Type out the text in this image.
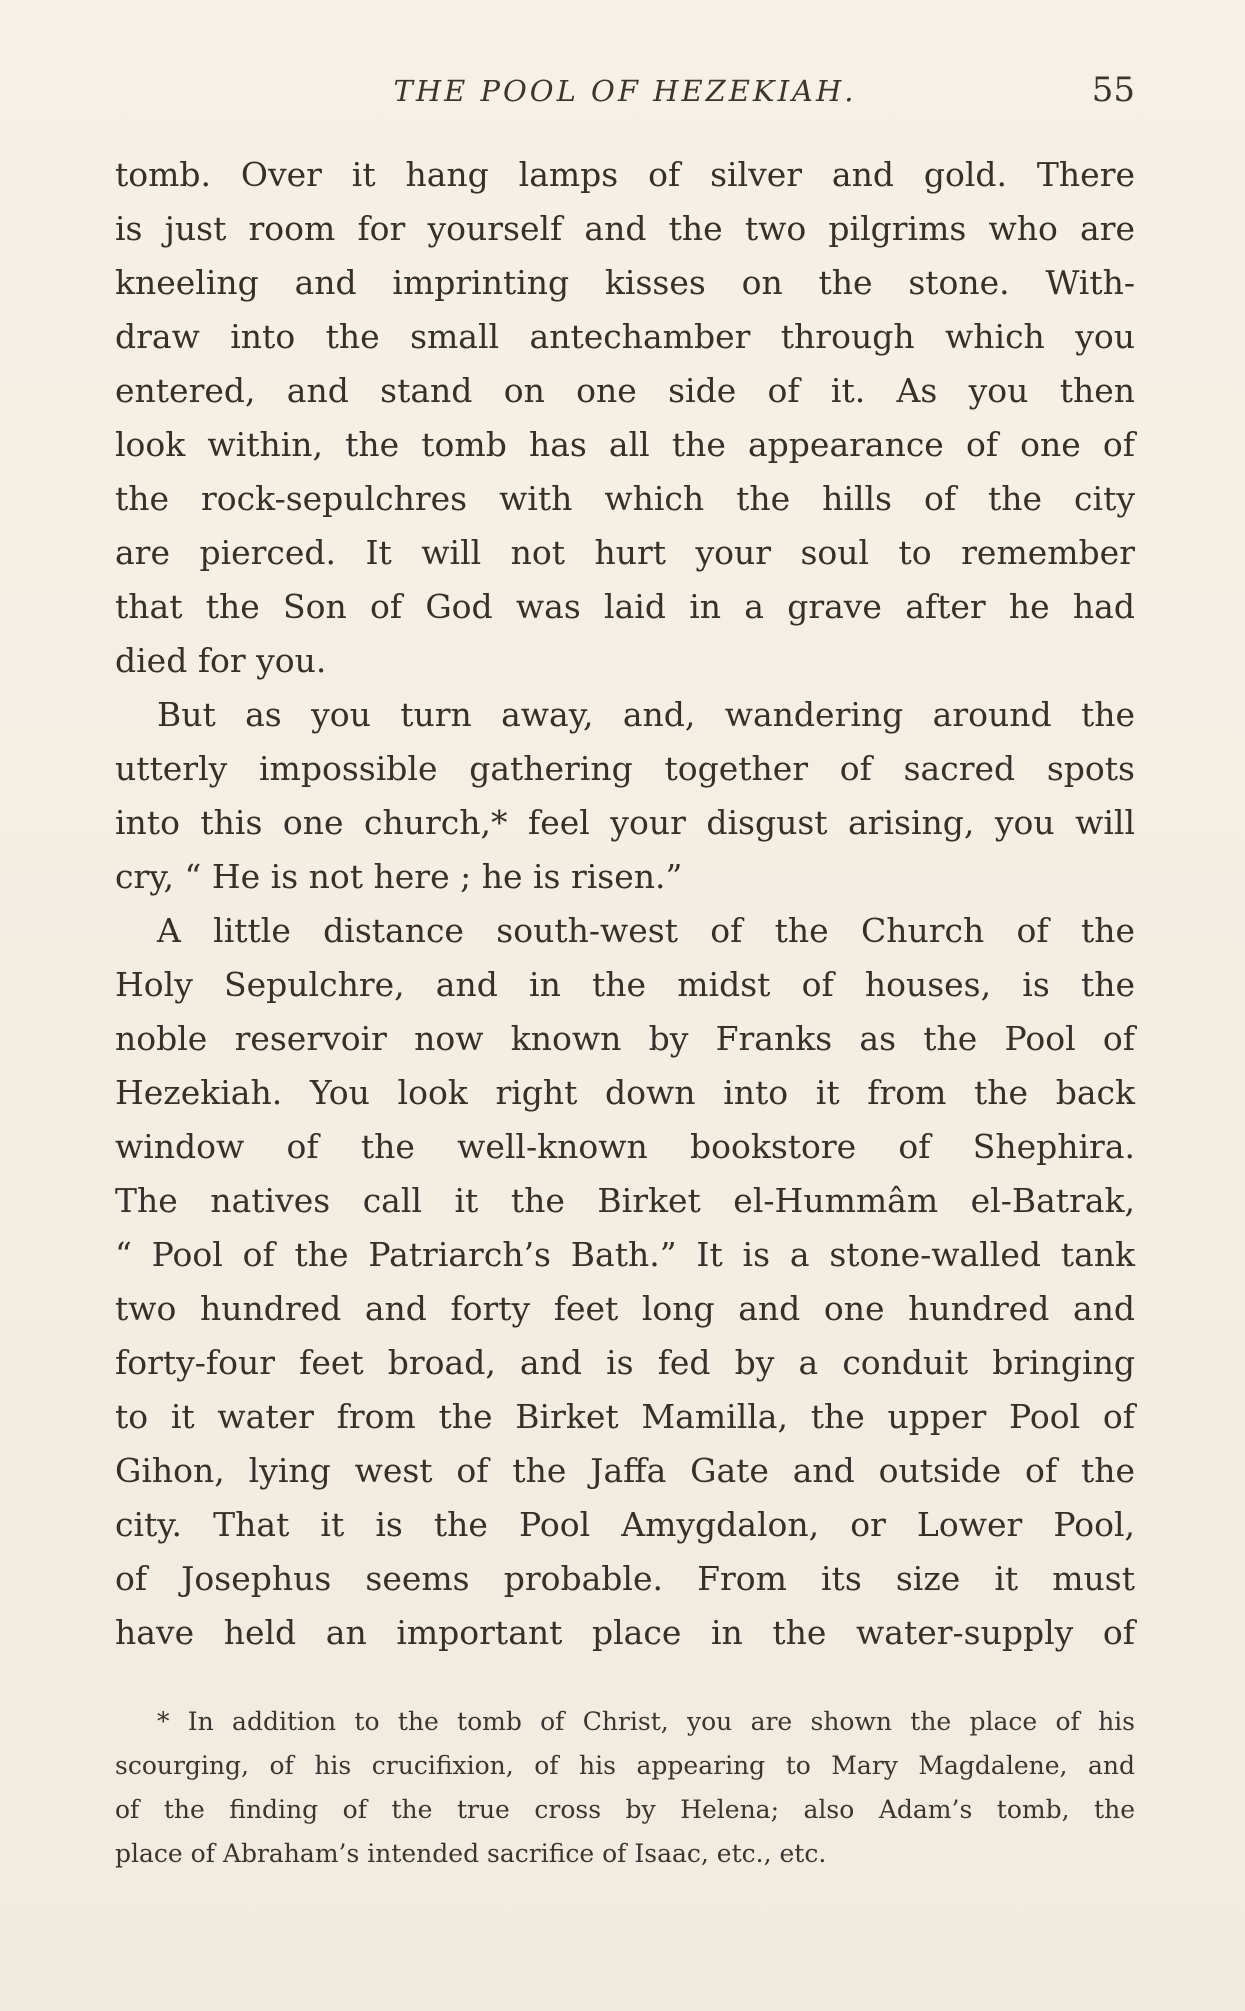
THE POOL OF HEZEKIAH.	55
tomb. Over it hang lamps of silver and gold. There
is just room for yourself and the two pilgrims who are
kneeling and imprinting kisses on the stone. With-
draw into the small antechamber through which you
entered, and stand on one side of it. As you then
look within, the tomb has all the appearance of one of
the rock-sepulchres with which the hills of the city
are pierced. It will not hurt your soul to remember
that the Son of God was laid in a grave after he had
died for you.
But as you turn away, and, wandering around the
utterly impossible gathering together of sacred spots
into this one church,* feel your disgust arising, you will
cry, “ He is not here ; he is risen.”
A little distance south-west of the Church of the
Holy Sepulchre, and in the midst of houses, is the
noble reservoir now known by Franks as the Pool of
Hezekiah. You look right down into it from the back
window of the well-known bookstore of Shephira.
The natives call it the Birket el-Hummâm el-Batrak,
“ Pool of the Patriarch’s Bath.” It is a stone-walled tank
two hundred and forty feet long and one hundred and
forty-four feet broad, and is fed by a conduit bringing
to it water from the Birket Mamilla, the upper Pool of
Gihon, lying west of the Jaffa Gate and outside of the
city. That it is the Pool Amygdalon, or Lower Pool,
of Josephus seems probable. From its size it must
have held an important place in the water-supply of
* In addition to the tomb of Christ, you are shown the place of his
scourging, of his crucifixion, of his appearing to Mary Magdalene, and
of the finding of the true cross by Helena; also Adam’s tomb, the
place of Abraham’s intended sacrifice of Isaac, etc., etc.
